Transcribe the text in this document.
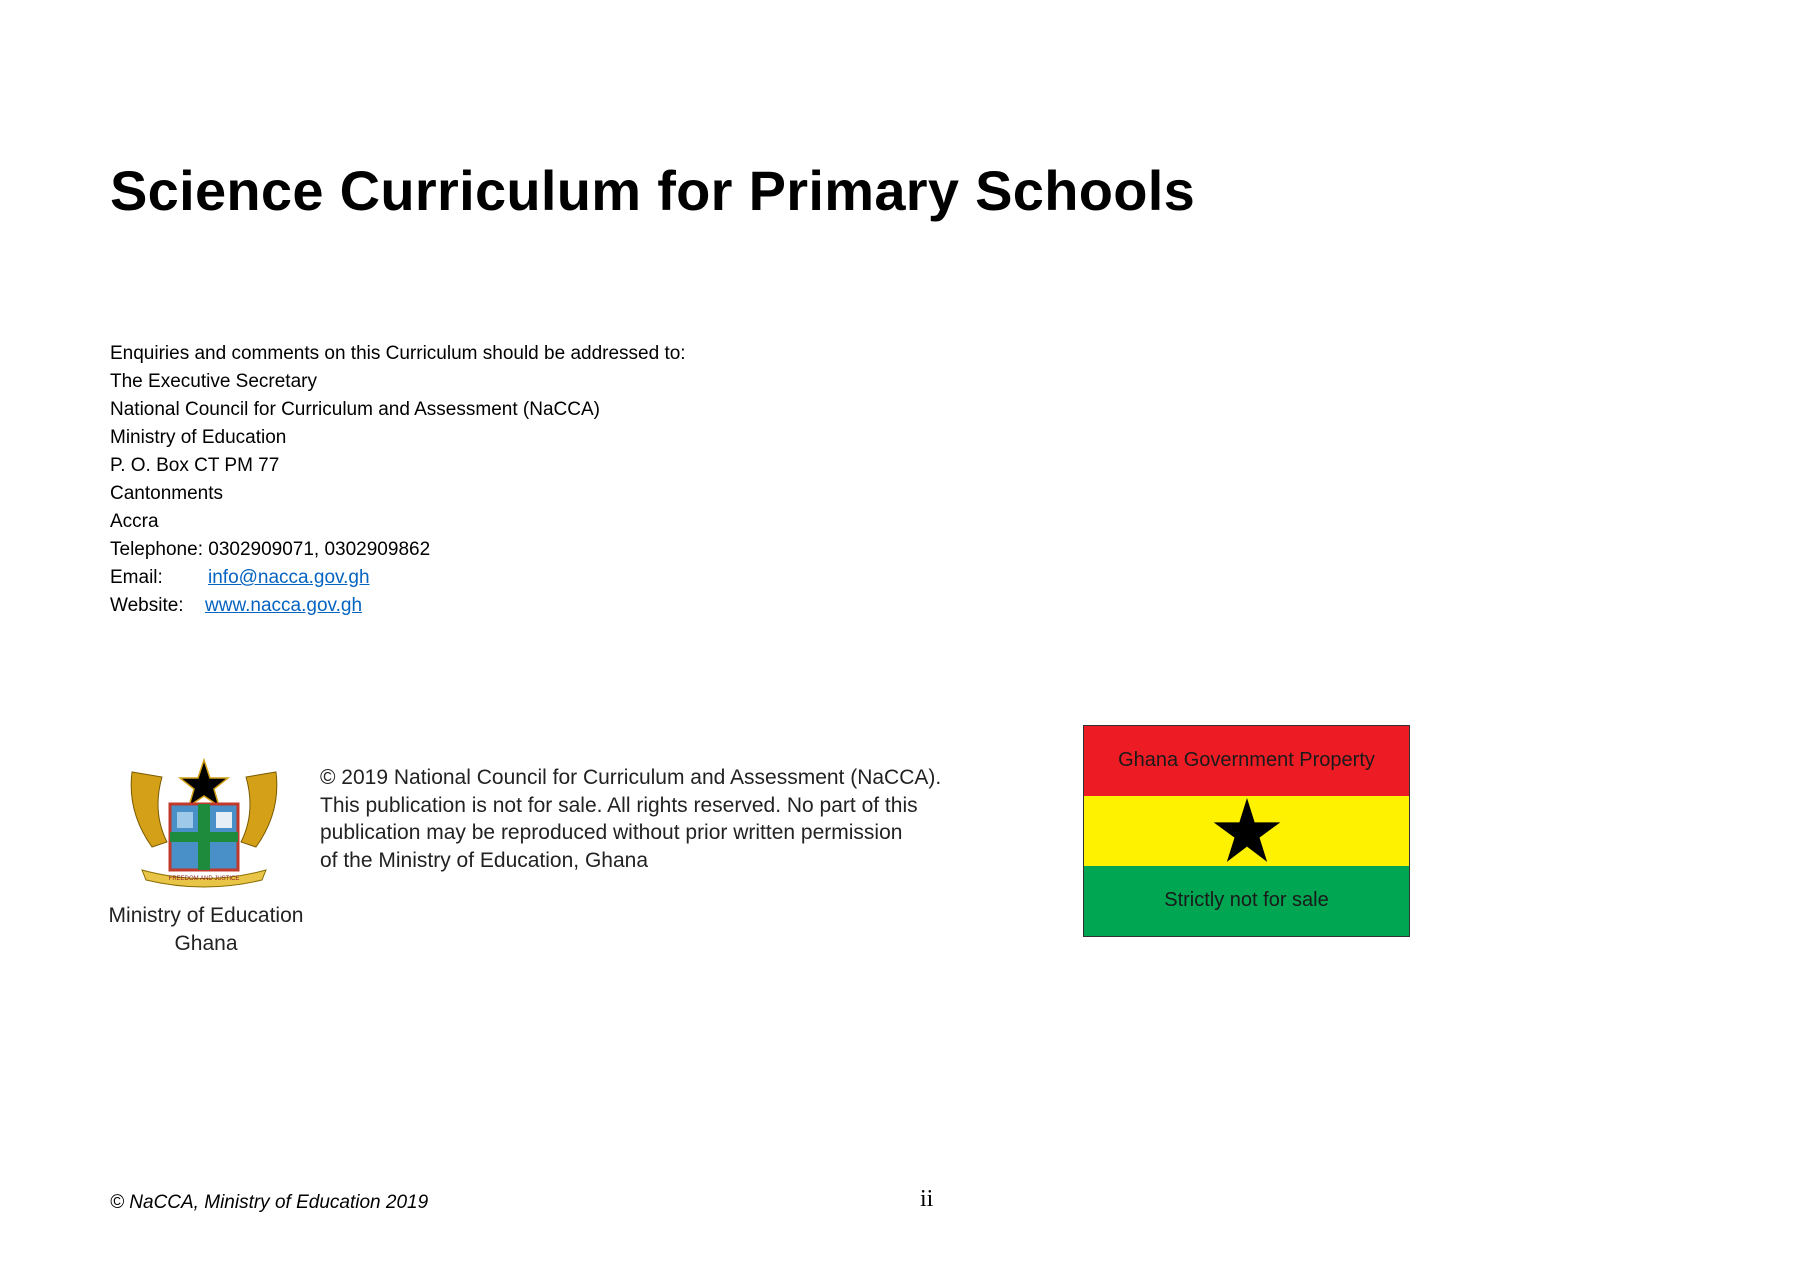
Science Curriculum for Primary Schools
Enquiries and comments on this Curriculum should be addressed to:
The Executive Secretary
National Council for Curriculum and Assessment (NaCCA)
Ministry of Education
P. O. Box CT PM 77
Cantonments
Accra
Telephone: 0302909071, 0302909862
Email: info@nacca.gov.gh
Website: www.nacca.gov.gh
FREEDOM AND JUSTICE
Ministry of Education
Ghana
© 2019 National Council for Curriculum and Assessment (NaCCA).
This publication is not for sale. All rights reserved. No part of this
publication may be reproduced without prior written permission
of the Ministry of Education, Ghana
Ghana Government Property
Strictly not for sale
© NaCCA, Ministry of Education 2019	ii
